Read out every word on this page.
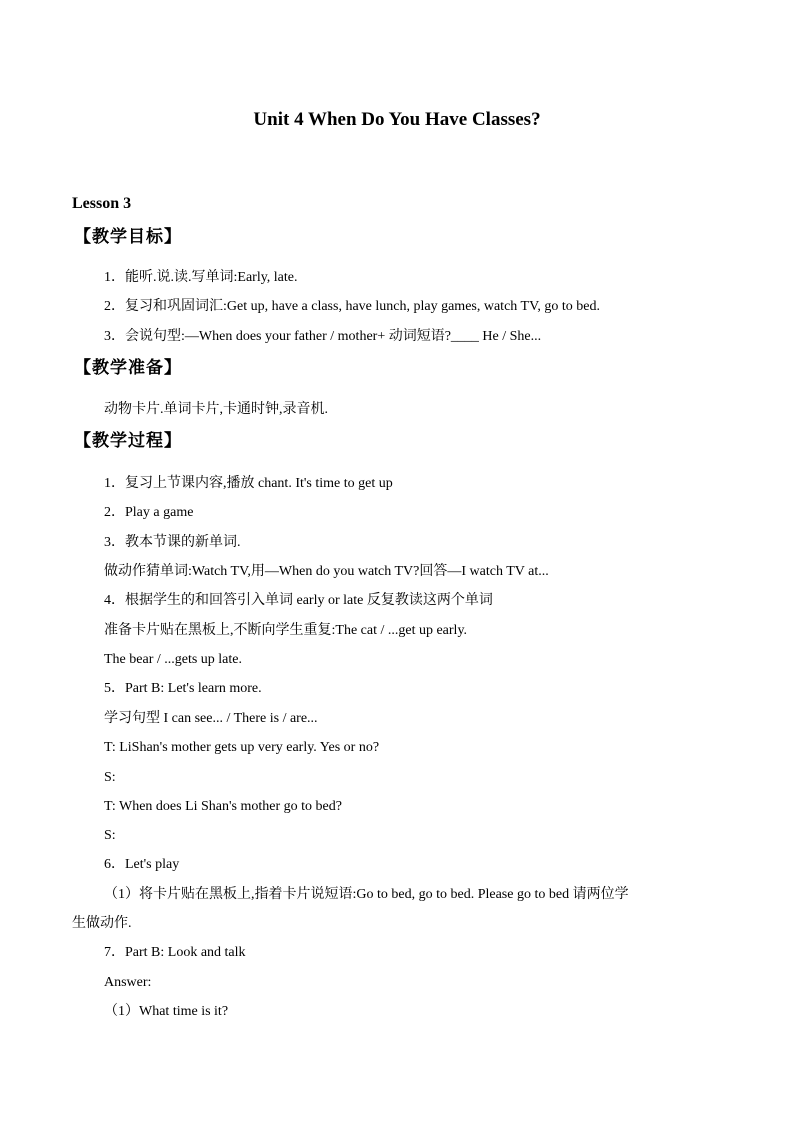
Unit 4 When Do You Have Classes?
Lesson 3
【教学目标】
1．能听.说.读.写单词:Early, late.
2．复习和巩固词汇:Get up, have a class, have lunch, play games, watch TV, go to bed.
3．会说句型:—When does your father / mother+ 动词短语?____ He / She...
【教学准备】
动物卡片.单词卡片,卡通时钟,录音机.
【教学过程】
1．复习上节课内容,播放 chant. It's time to get up
2．Play a game
3．教本节课的新单词.
做动作猜单词:Watch TV,用—When do you watch TV?回答—I watch TV at...
4．根据学生的和回答引入单词 early or late 反复教读这两个单词
准备卡片贴在黑板上,不断向学生重复:The cat / ...get up early.
The bear / ...gets up late.
5．Part B: Let's learn more.
学习句型 I can see... / There is / are...
T: LiShan's mother gets up very early. Yes or no?
S:
T: When does Li Shan's mother go to bed?
S:
6．Let's play
（1）将卡片贴在黑板上,指着卡片说短语:Go to bed, go to bed. Please go to bed 请两位学
生做动作.
7．Part B: Look and talk
Answer:
（1）What time is it?
